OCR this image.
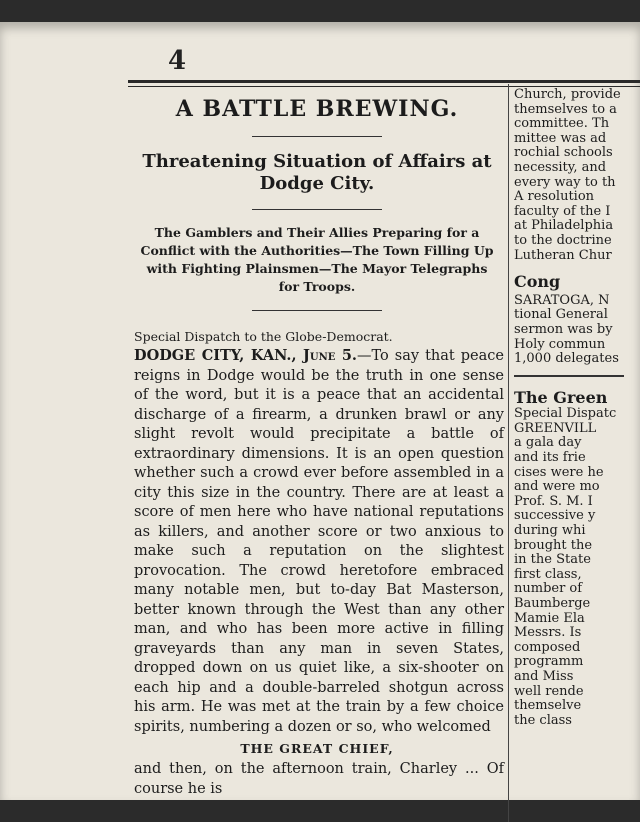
4
A BATTLE BREWING.
Threatening Situation of Affairs at Dodge City.
The Gamblers and Their Allies Preparing for a Conflict with the Authorities—The Town Filling Up with Fighting Plainsmen—The Mayor Telegraphs for Troops.
Special Dispatch to the Globe-Democrat.

DODGE CITY, KAN., June 5.—To say that peace reigns in Dodge would be the truth in one sense of the word, but it is a peace that an accidental discharge of a firearm, a drunken brawl or any slight revolt would precipitate a battle of extraordinary dimensions. It is an open question whether such a crowd ever before assembled in a city this size in the country. There are at least a score of men here who have national reputations as killers, and another score or two anxious to make such a reputation on the slightest provocation. The crowd heretofore embraced many notable men, but to-day Bat Masterson, better known through the West than any other man, and who has been more active in filling graveyards than any man in seven States, dropped down on us quiet like, a six-shooter on each hip and a double-barreled shotgun across his arm. He was met at the train by a few choice spirits, numbering a dozen or so, who welcomed

THE GREAT CHIEF,

and then, on the afternoon train, Charley ... Of course he is

Church, provide
themselves to a
committee. Th
mittee was ad
rochial schools
necessity, and
every way to th
A resolution
faculty of the I
at Philadelphia
to the doctrine
Lutheran Chur
Cong
SARATOGA, N
tional General
sermon was by
Holy commun
1,000 delegates
The Green
Special Dispatc
GREENVILL
a gala day
and its frie
cises were he
and were mo
Prof. S. M. I
successive y
during whi
brought the
in the State
first class,
number of
Baumberge
Mamie Ela
Messrs. Is
composed
programm
and Miss
well rende
themselve
the class
